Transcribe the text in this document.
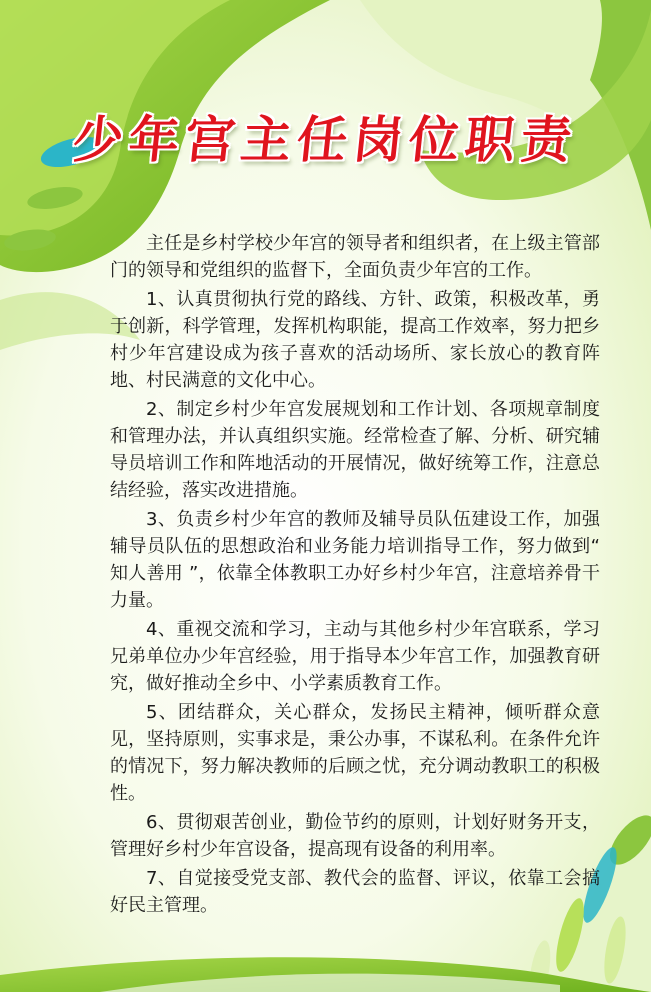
少年宫主任岗位职责

主任是乡村学校少年宫的领导者和组织者，在上级主管部门的领导和党组织的监督下，全面负责少年宫的工作。

1、认真贯彻执行党的路线、方针、政策，积极改革，勇于创新，科学管理，发挥机构职能，提高工作效率，努力把乡村少年宫建设成为孩子喜欢的活动场所、家长放心的教育阵地、村民满意的文化中心。

2、制定乡村少年宫发展规划和工作计划、各项规章制度和管理办法，并认真组织实施。经常检查了解、分析、研究辅导员培训工作和阵地活动的开展情况，做好统筹工作，注意总结经验，落实改进措施。

3、负责乡村少年宫的教师及辅导员队伍建设工作，加强辅导员队伍的思想政治和业务能力培训指导工作，努力做到“ 知人善用 ”，依靠全体教职工办好乡村少年宫，注意培养骨干力量。

4、重视交流和学习，主动与其他乡村少年宫联系，学习兄弟单位办少年宫经验，用于指导本少年宫工作，加强教育研究，做好推动全乡中、小学素质教育工作。

5、团结群众，关心群众，发扬民主精神，倾听群众意见，坚持原则，实事求是，秉公办事，不谋私利。在条件允许的情况下，努力解决教师的后顾之忧，充分调动教职工的积极性。

6、贯彻艰苦创业，勤俭节约的原则，计划好财务开支，管理好乡村少年宫设备，提高现有设备的利用率。

7、自觉接受党支部、教代会的监督、评议，依靠工会搞好民主管理。
